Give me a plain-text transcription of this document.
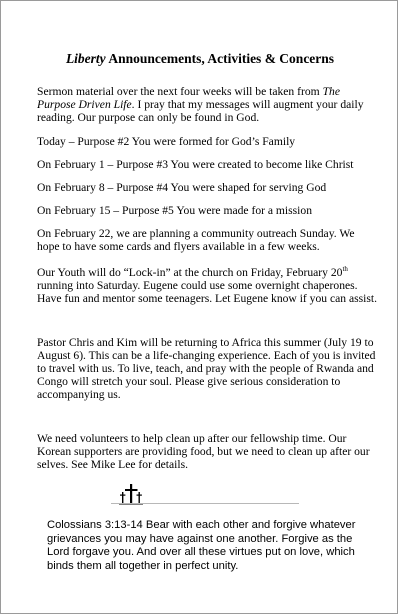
Liberty Announcements, Activities & Concerns
Sermon material over the next four weeks will be taken from The Purpose Driven Life. I pray that my messages will augment your daily reading. Our purpose can only be found in God.
Today – Purpose #2 You were formed for God’s Family
On February 1 – Purpose #3 You were created to become like Christ
On February 8 – Purpose #4 You were shaped for serving God
On February 15 – Purpose #5 You were made for a mission
On February 22, we are planning a community outreach Sunday. We hope to have some cards and flyers available in a few weeks.
Our Youth will do “Lock-in” at the church on Friday, February 20th running into Saturday. Eugene could use some overnight chaperones. Have fun and mentor some teenagers. Let Eugene know if you can assist.
Pastor Chris and Kim will be returning to Africa this summer (July 19 to August 6). This can be a life-changing experience. Each of you is invited to travel with us. To live, teach, and pray with the people of Rwanda and Congo will stretch your soul. Please give serious consideration to accompanying us.
We need volunteers to help clean up after our fellowship time. Our Korean supporters are providing food, but we need to clean up after our selves. See Mike Lee for details.
Colossians 3:13-14 Bear with each other and forgive whatever grievances you may have against one another. Forgive as the Lord forgave you. And over all these virtues put on love, which binds them all together in perfect unity.
